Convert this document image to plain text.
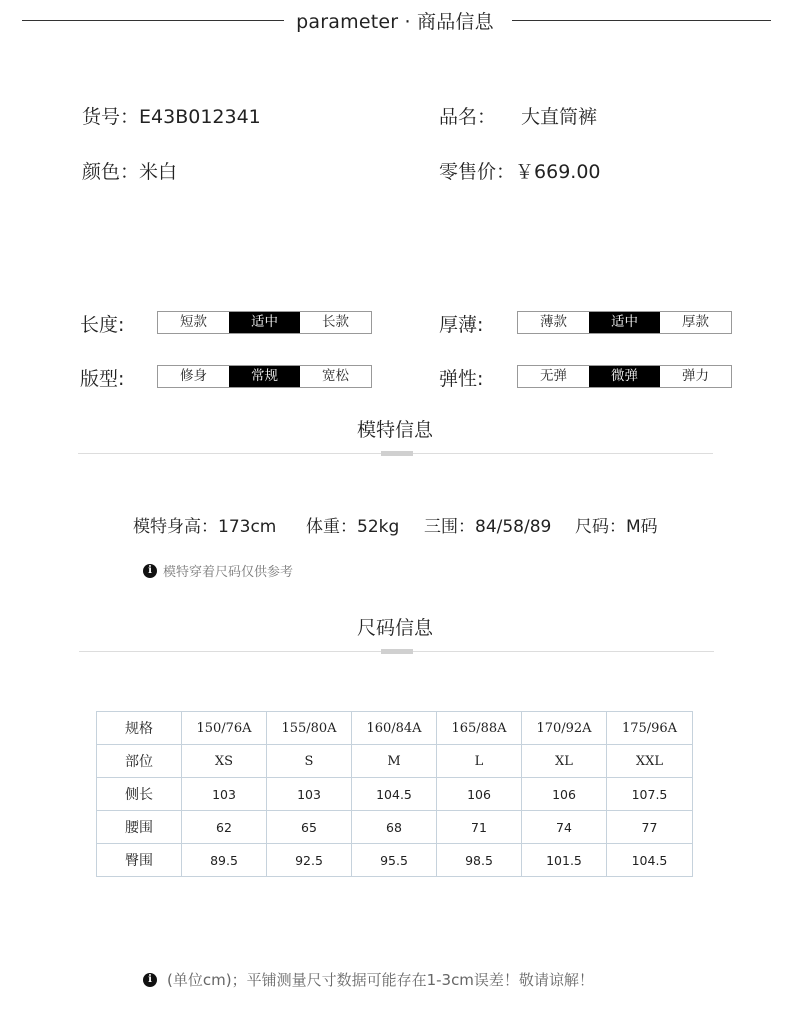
parameter · 商品信息
货号：E43B012341	品名： 大直筒裤
颜色：米白	零售价：￥669.00
长度:	短款	适中	长款	厚薄:	薄款	适中	厚款
版型:	修身	常规	宽松	弹性:	无弹	微弹	弹力
模特信息
模特身高：173cm 体重：52kg 三围：84/58/89 尺码：M码
i 模特穿着尺码仅供参考
尺码信息
规格	150/76A	155/80A	160/84A	165/88A	170/92A	175/96A
部位	XS	S	M	L	XL	XXL
侧长	103	103	104.5	106	106	107.5
腰围	62	65	68	71	74	77
臀围	89.5	92.5	95.5	98.5	101.5	104.5
i	(单位cm)；平铺测量尺寸数据可能存在1-3cm误差！敬请谅解！
